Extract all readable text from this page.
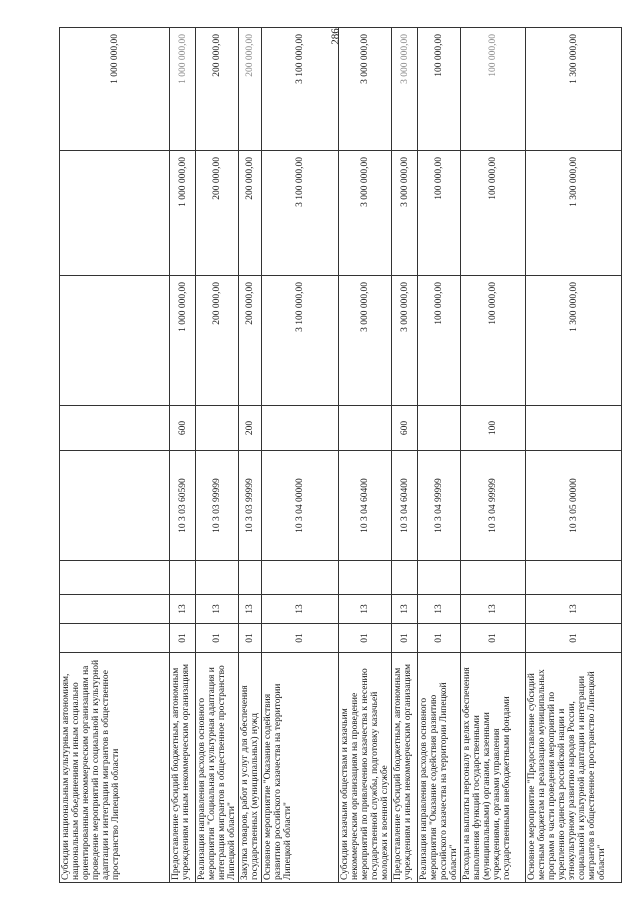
286
Субсидии национальным культурным автономиям, национальным объединениям и иным социально ориентированным некоммерческим организациям на проведение мероприятий по социальной и культурной адаптации и интеграции мигрантов в общественное пространство Липецкой области								1 000 000,00
Предоставление субсидий бюджетным, автономным учреждениям и иным некоммерческим организациям	01	13		10 3 03 60590	600	1 000 000,00	1 000 000,00	1 000 000,00
Реализация направления расходов основного мероприятия "Социальная и культурная адаптация и интеграция мигрантов в общественное пространство Липецкой области"	01	13		10 3 03 99999		200 000,00	200 000,00	200 000,00
Закупка товаров, работ и услуг для обеспечения государственных (муниципальных) нужд	01	13		10 3 03 99999	200	200 000,00	200 000,00	200 000,00
Основное мероприятие "Оказание содействия развитию российского казачества на территории Липецкой области"	01	13		10 3 04 00000		3 100 000,00	3 100 000,00	3 100 000,00
Субсидии казачьим обществам и казачьим некоммерческим организациям на проведение мероприятий по привлечению казачества к несению государственной службы, подготовку казачьей молодежи к военной службе	01	13		10 3 04 60400		3 000 000,00	3 000 000,00	3 000 000,00
Предоставление субсидий бюджетным, автономным учреждениям и иным некоммерческим организациям	01	13		10 3 04 60400	600	3 000 000,00	3 000 000,00	3 000 000,00
Реализация направления расходов основного мероприятия "Оказание содействия развитию российского казачества на территории Липецкой области"	01	13		10 3 04 99999		100 000,00	100 000,00	100 000,00
Расходы на выплаты персоналу в целях обеспечения выполнения функций государственными (муниципальными) органами, казенными учреждениями, органами управления государственными внебюджетными фондами	01	13		10 3 04 99999	100	100 000,00	100 000,00	100 000,00
Основное мероприятие "Предоставление субсидий местным бюджетам на реализацию муниципальных программ в части проведения мероприятий по укреплению единства российской нации и этнокультурному развитию народов России, социальной и культурной адаптации и интеграции мигрантов в общественное пространство Липецкой области"	01	13		10 3 05 00000		1 300 000,00	1 300 000,00	1 300 000,00
